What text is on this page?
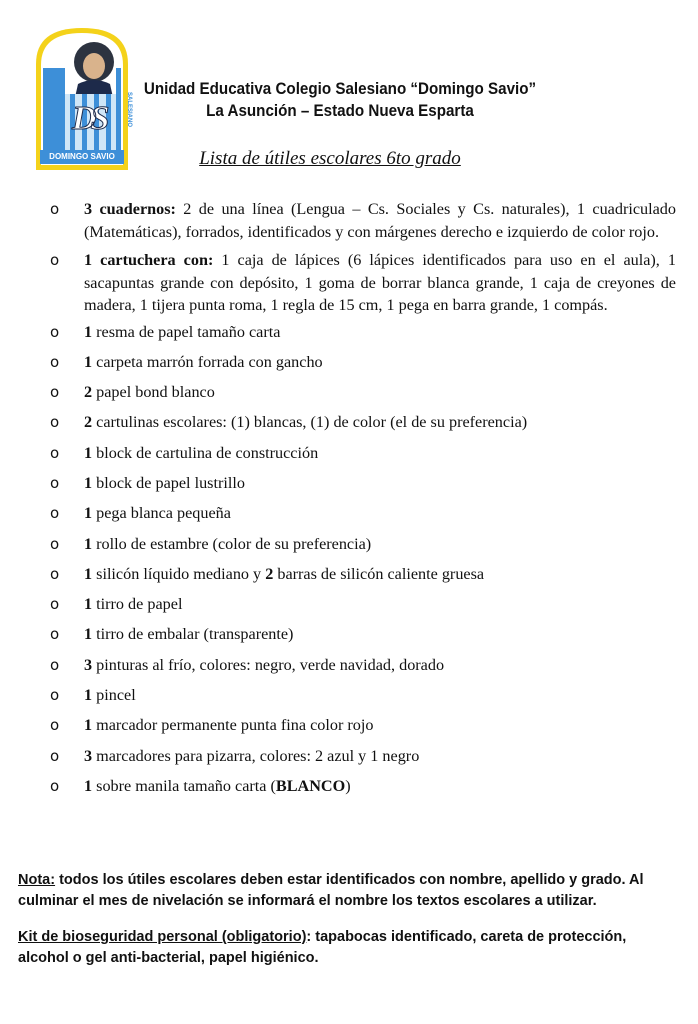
DS	SALESIANO
DOMINGO SAVIO
Unidad Educativa Colegio Salesiano “Domingo Savio”
La Asunción – Estado Nueva Esparta
Lista de útiles escolares 6to grado
o 3 cuadernos: 2 de una línea (Lengua – Cs. Sociales y Cs. naturales), 1 cuadriculado (Matemáticas), forrados, identificados y con márgenes derecho e izquierdo de color rojo.
o 1 cartuchera con: 1 caja de lápices (6 lápices identificados para uso en el aula), 1 sacapuntas grande con depósito, 1 goma de borrar blanca grande, 1 caja de creyones de madera, 1 tijera punta roma, 1 regla de 15 cm, 1 pega en barra grande, 1 compás.
o 1 resma de papel tamaño carta
o 1 carpeta marrón forrada con gancho
o 2 papel bond blanco
o 2 cartulinas escolares: (1) blancas, (1) de color (el de su preferencia)
o 1 block de cartulina de construcción
o 1 block de papel lustrillo
o 1 pega blanca pequeña
o 1 rollo de estambre (color de su preferencia)
o 1 silicón líquido mediano y 2 barras de silicón caliente gruesa
o 1 tirro de papel
o 1 tirro de embalar (transparente)
o 3 pinturas al frío, colores: negro, verde navidad, dorado
o 1 pincel
o 1 marcador permanente punta fina color rojo
o 3 marcadores para pizarra, colores: 2 azul y 1 negro
o 1 sobre manila tamaño carta (BLANCO)
Nota: todos los útiles escolares deben estar identificados con nombre, apellido y grado. Al culminar el mes de nivelación se informará el nombre los textos escolares a utilizar.
Kit de bioseguridad personal (obligatorio): tapabocas identificado, careta de protección, alcohol o gel anti-bacterial, papel higiénico.
